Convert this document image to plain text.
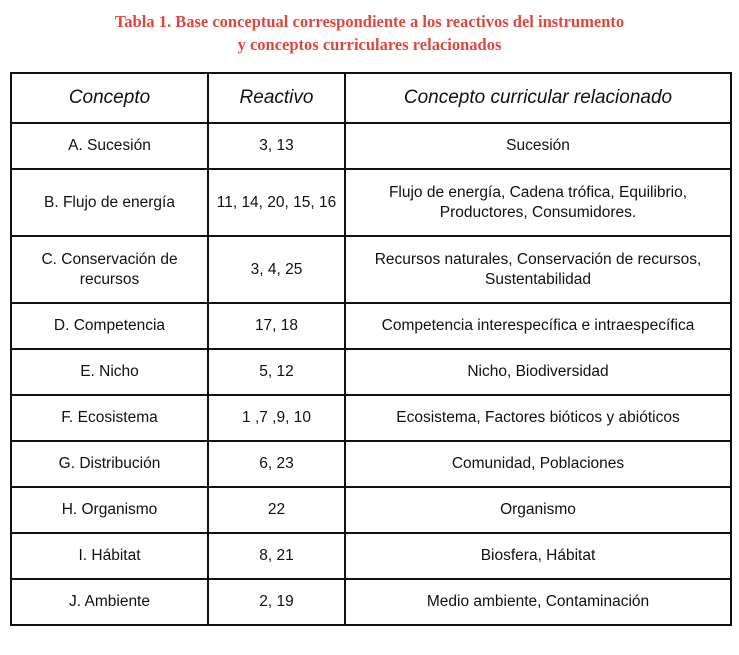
Tabla 1. Base conceptual correspondiente a los reactivos del instrumento
y conceptos curriculares relacionados
Concepto	Reactivo	Concepto curricular relacionado
A. Sucesión	3, 13	Sucesión
B. Flujo de energía	11, 14, 20, 15, 16	Flujo de energía, Cadena trófica, Equilibrio, Productores, Consumidores.
C. Conservación de recursos	3, 4, 25	Recursos naturales, Conservación de recursos, Sustentabilidad
D. Competencia	17, 18	Competencia interespecífica e intraespecífica
E. Nicho	5, 12	Nicho, Biodiversidad
F. Ecosistema	1 ,7 ,9, 10	Ecosistema, Factores bióticos y abióticos
G. Distribución	6, 23	Comunidad, Poblaciones
H. Organismo	22	Organismo
I. Hábitat	8, 21	Biosfera, Hábitat
J. Ambiente	2, 19	Medio ambiente, Contaminación
